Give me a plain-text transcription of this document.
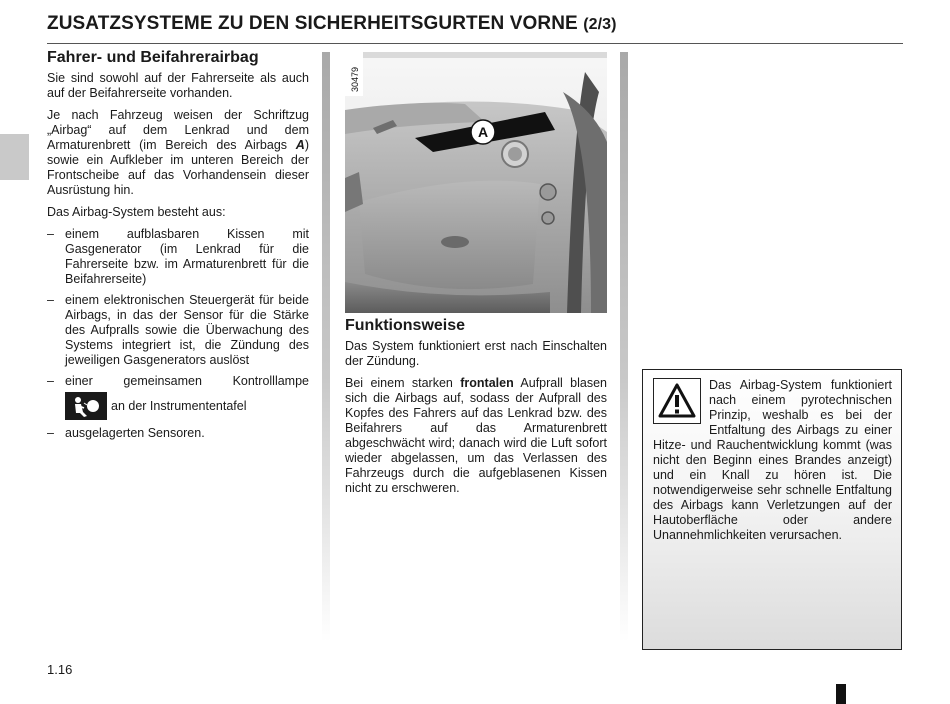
ZUSATZSYSTEME ZU DEN SICHERHEITSGURTEN VORNE (2/3)
Fahrer- und Beifahrerairbag

Sie sind sowohl auf der Fahrerseite als auch auf der Beifahrerseite vorhanden.

Je nach Fahrzeug weisen der Schriftzug „Airbag“ auf dem Lenkrad und dem Armaturenbrett (im Bereich des Airbags A) sowie ein Aufkleber im unteren Bereich der Frontscheibe auf das Vorhandensein dieser Ausrüstung hin.

Das Airbag-System besteht aus:

– einem aufblasbaren Kissen mit Gasgenerator (im Lenkrad für die Fahrerseite bzw. im Armaturenbrett für die Beifahrerseite)
– einem elektronischen Steuergerät für beide Airbags, in das der Sensor für die Stärke des Aufpralls sowie die Überwachung des Systems integriert ist, die Zündung des jeweiligen Gasgenerators auslöst
– einer gemeinsamen Kontrolllampe
an der Instrumententafel
– ausgelagerten Sensoren.
A
30479
Funktionsweise

Das System funktioniert erst nach Einschalten der Zündung.

Bei einem starken frontalen Aufprall blasen sich die Airbags auf, sodass der Aufprall des Kopfes des Fahrers auf das Lenkrad bzw. des Beifahrers auf das Armaturenbrett abgeschwächt wird; danach wird die Luft sofort wieder abgelassen, um das Verlassen des Fahrzeugs durch die aufgeblasenen Kissen nicht zu erschweren.

Das Airbag-System funktioniert nach einem pyrotechnischen Prinzip, weshalb es bei der Entfaltung des Airbags zu einer Hitze- und Rauchentwicklung kommt (was nicht den Beginn eines Brandes anzeigt) und ein Knall zu hören ist. Die notwendigerweise sehr schnelle Entfaltung des Airbags kann Verletzungen auf der Hautoberfläche oder andere Unannehmlichkeiten verursachen.

1.16
